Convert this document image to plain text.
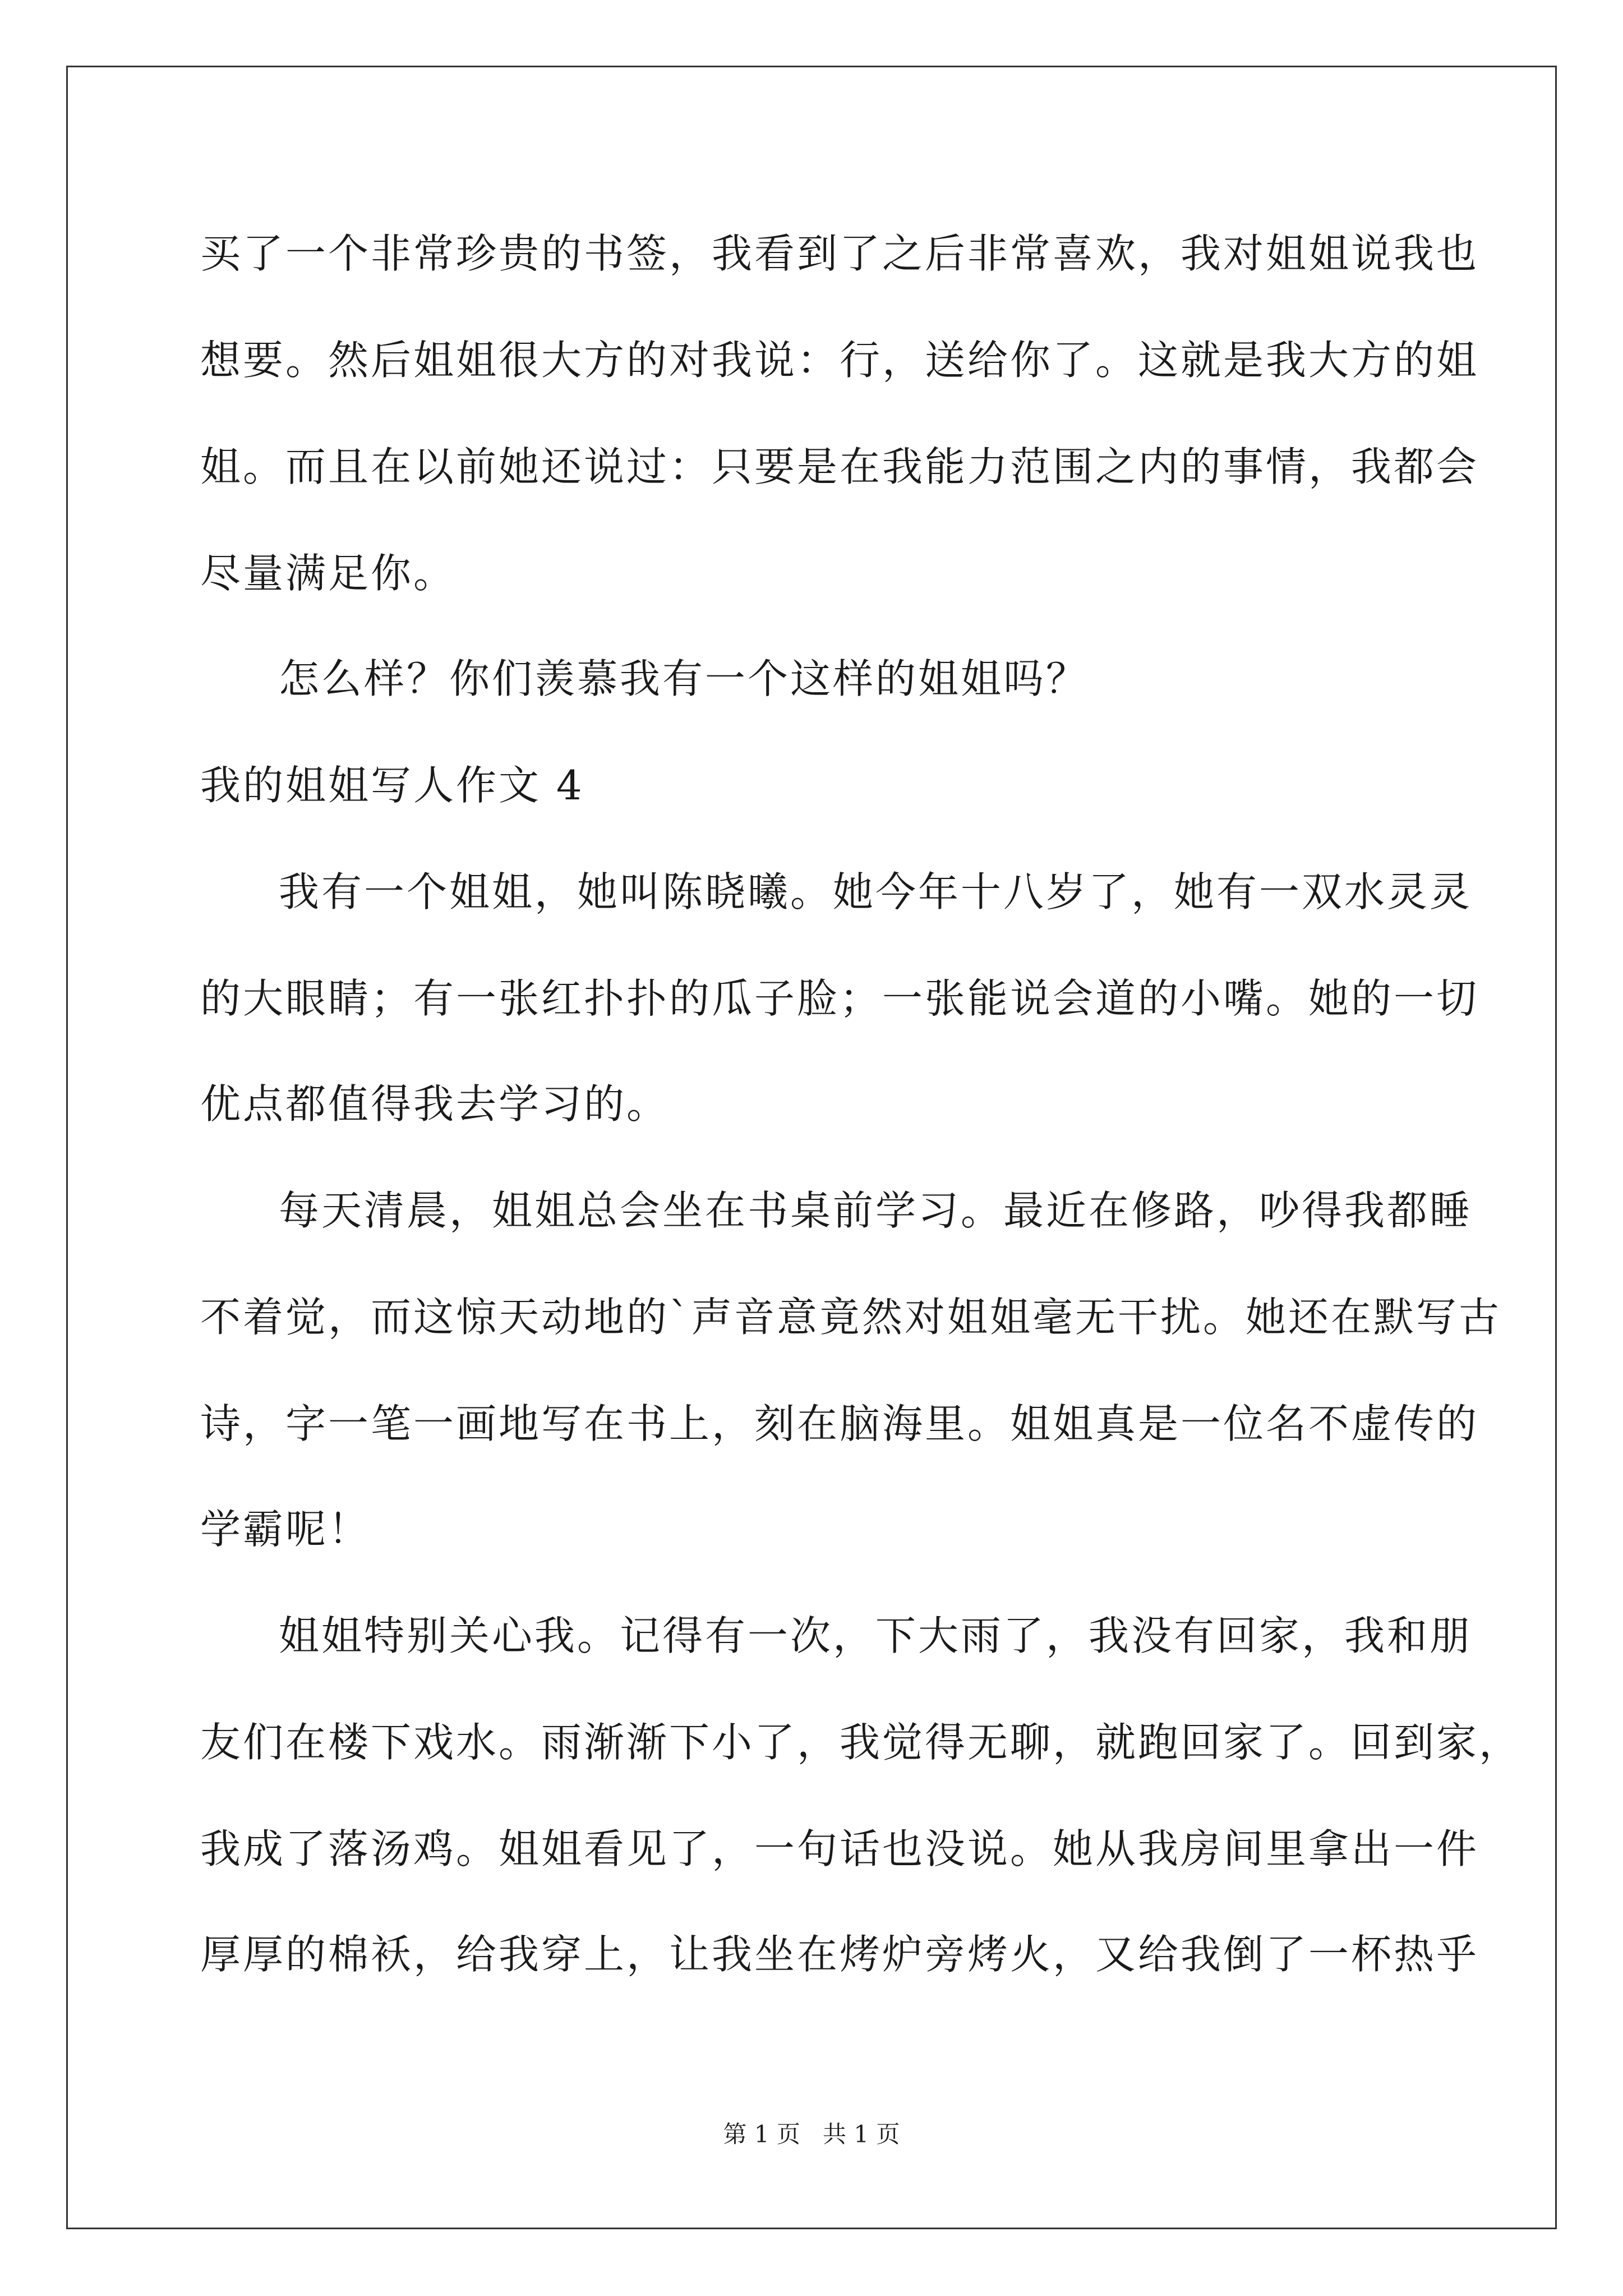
买了一个非常珍贵的书签，我看到了之后非常喜欢，我对姐姐说我也
想要。然后姐姐很大方的对我说：行，送给你了。这就是我大方的姐
姐。而且在以前她还说过：只要是在我能力范围之内的事情，我都会
尽量满足你。
怎么样？你们羡慕我有一个这样的姐姐吗？
我的姐姐写人作文 4
我有一个姐姐，她叫陈晓曦。她今年十八岁了，她有一双水灵灵
的大眼睛；有一张红扑扑的瓜子脸；一张能说会道的小嘴。她的一切
优点都值得我去学习的。
每天清晨，姐姐总会坐在书桌前学习。最近在修路，吵得我都睡
不着觉，而这惊天动地的`声音意竟然对姐姐毫无干扰。她还在默写古
诗，字一笔一画地写在书上，刻在脑海里。姐姐真是一位名不虚传的
学霸呢！
姐姐特别关心我。记得有一次，下大雨了，我没有回家，我和朋
友们在楼下戏水。雨渐渐下小了，我觉得无聊，就跑回家了。回到家，
我成了落汤鸡。姐姐看见了，一句话也没说。她从我房间里拿出一件
厚厚的棉袄，给我穿上，让我坐在烤炉旁烤火，又给我倒了一杯热乎
第 1 页   共 1 页
